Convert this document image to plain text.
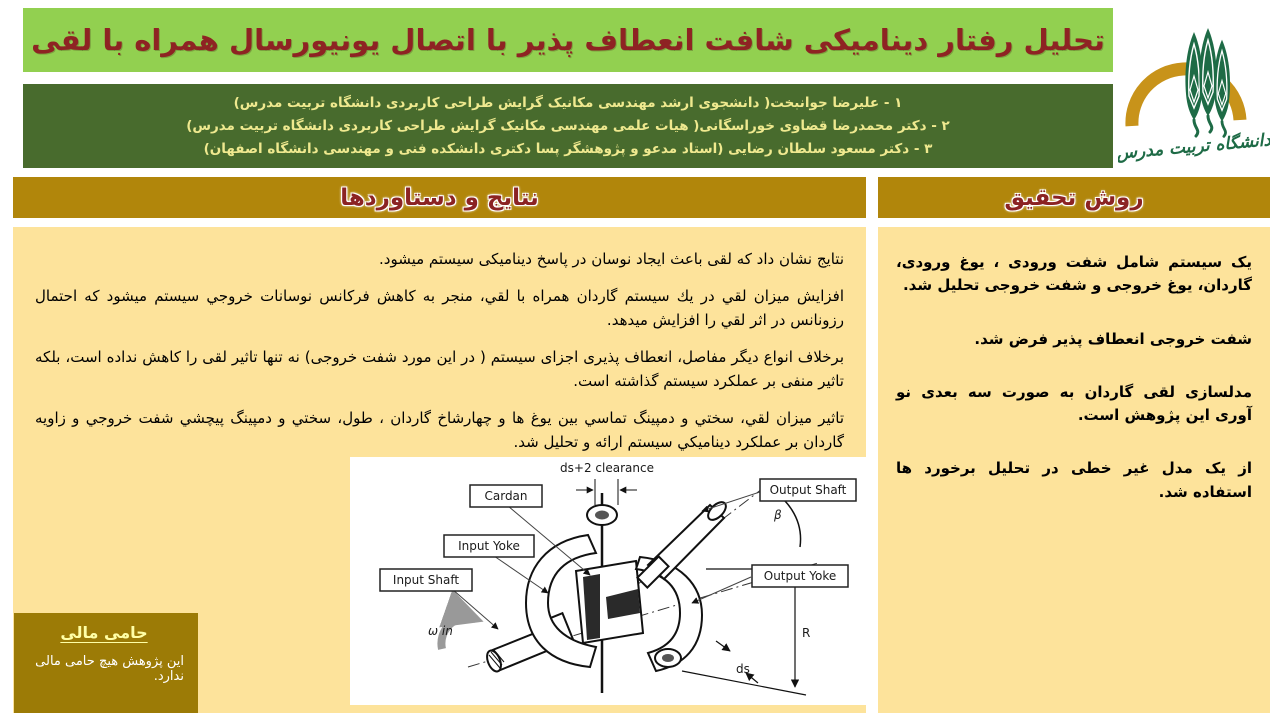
تحلیل رفتار دینامیکی شافت انعطاف پذیر با اتصال یونیورسال همراه با لقی
۱ - علیرضا جوانبخت( دانشجوی ارشد مهندسی مکانیک گرایش طراحی کاربردی دانشگاه تربیت مدرس)
۲ - دکتر محمدرضا قضاوی خوراسگانی( هیات علمی مهندسی مکانیک گرایش طراحی کاربردی دانشگاه تربیت مدرس)
۳ - دکتر مسعود سلطان رضایی (استاد مدعو و پژوهشگر پسا دکتری دانشکده فنی و مهندسی دانشگاه اصفهان)	دانشگاه تربیت مدرس
نتایج و دستاوردها	روش تحقیق

نتایج نشان داد که لقی باعث ایجاد نوسان در پاسخ دینامیکی سیستم میشود.

افزایش میزان لقي در یك سیستم گاردان همراه با لقي، منجر به کاهش فرکانس نوسانات خروجي سیستم میشود که احتمال رزونانس در اثر لقي را افزایش میدهد.

برخلاف انواع دیگر مفاصل، انعطاف پذیری اجزای سیستم ( در این مورد شفت خروجی) نه تنها تاثیر لقی را کاهش نداده است، بلکه تاثیر منفی بر عملکرد سیستم گذاشته است.

تاثیر میزان لقي، سختي و دمپینگ تماسي بین یوغ ها و چهارشاخ گاردان ، طول، سختي و دمپینگ پیچشي شفت خروجي و زاویه گاردان بر عملکرد دینامیکي سیستم ارائه و تحلیل شد.

یک سیستم شامل شفت ورودی ، یوغ ورودی، گاردان، یوغ خروجی و شفت خروجی تحلیل شد.

شفت خروجی انعطاف پذیر فرض شد.

مدلسازی لقی گاردان به صورت سه بعدی نو آوری این پژوهش است.

از یک مدل غیر خطی در تحلیل برخورد ها استفاده شد.

حامی مالی
این پژوهش هیچ حامی مالی ندارد.
ω in
ds+2 clearance
β
R
ds
Cardan
Input Yoke
Input Shaft
Output Shaft
Output Yoke
